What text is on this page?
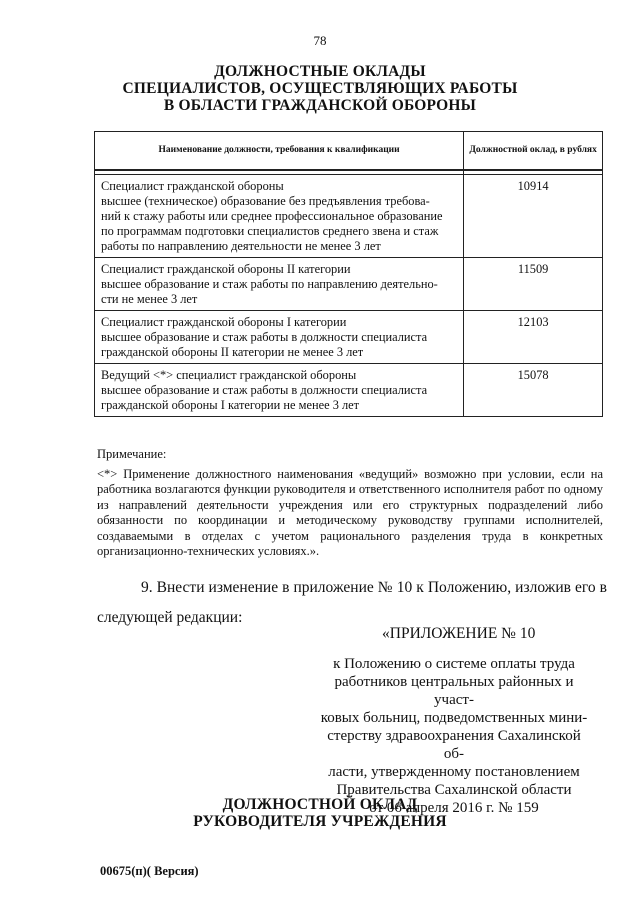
78
ДОЛЖНОСТНЫЕ ОКЛАДЫ
СПЕЦИАЛИСТОВ, ОСУЩЕСТВЛЯЮЩИХ РАБОТЫ
В ОБЛАСТИ ГРАЖДАНСКОЙ ОБОРОНЫ
Наименование должности, требования к квалификации	Должностной оклад, в рублях

Специалист гражданской обороны
высшее (техническое) образование без предъявления требова-
ний к стажу работы или среднее профессиональное образование
по программам подготовки специалистов среднего звена и стаж
работы по направлению деятельности не менее 3 лет	10914

Специалист гражданской обороны II категории
высшее образование и стаж работы по направлению деятельно-
сти не менее 3 лет	11509

Специалист гражданской обороны I категории
высшее образование и стаж работы в должности специалиста
гражданской обороны II категории не менее 3 лет	12103

Ведущий <*> специалист гражданской обороны
высшее образование и стаж работы в должности специалиста
гражданской обороны I категории не менее 3 лет	15078
Примечание:
<*> Применение должностного наименования «ведущий» возможно при условии, если на работника возлагаются функции руководителя и ответственного исполнителя работ по одному из направлений деятельности учреждения или его структурных подразделений либо обязанности по координации и методическому руководству группами исполнителей, создаваемыми в отделах с учетом рационального разделения труда в конкретных организационно-технических условиях.».
9. Внести изменение в приложение № 10 к Положению, изложив его в следующей редакции:
«ПРИЛОЖЕНИЕ № 10
к Положению о системе оплаты труда
работников центральных районных и участ-
ковых больниц, подведомственных мини-
стерству здравоохранения Сахалинской об-
ласти, утвержденному постановлением
Правительства Сахалинской области
от 06 апреля 2016 г. № 159
ДОЛЖНОСТНОЙ ОКЛАД
РУКОВОДИТЕЛЯ УЧРЕЖДЕНИЯ
00675(п)( Версия)
